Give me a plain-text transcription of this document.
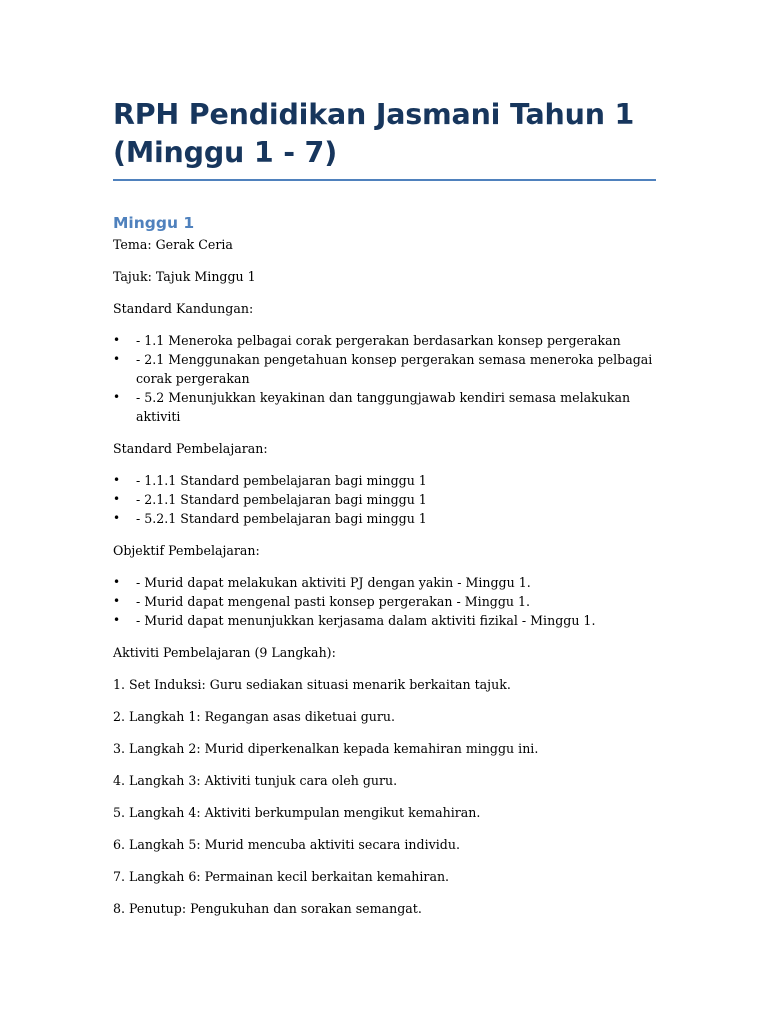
RPH Pendidikan Jasmani Tahun 1
(Minggu 1 - 7)
Minggu 1

Tema: Gerak Ceria

Tajuk: Tajuk Minggu 1

Standard Kandungan:

• - 1.1 Meneroka pelbagai corak pergerakan berdasarkan konsep pergerakan
• - 2.1 Menggunakan pengetahuan konsep pergerakan semasa meneroka pelbagai corak pergerakan
• - 5.2 Menunjukkan keyakinan dan tanggungjawab kendiri semasa melakukan aktiviti

Standard Pembelajaran:

• - 1.1.1 Standard pembelajaran bagi minggu 1
• - 2.1.1 Standard pembelajaran bagi minggu 1
• - 5.2.1 Standard pembelajaran bagi minggu 1

Objektif Pembelajaran:

• - Murid dapat melakukan aktiviti PJ dengan yakin - Minggu 1.
• - Murid dapat mengenal pasti konsep pergerakan - Minggu 1.
• - Murid dapat menunjukkan kerjasama dalam aktiviti fizikal - Minggu 1.

Aktiviti Pembelajaran (9 Langkah):

1. Set Induksi: Guru sediakan situasi menarik berkaitan tajuk.

2. Langkah 1: Regangan asas diketuai guru.

3. Langkah 2: Murid diperkenalkan kepada kemahiran minggu ini.

4. Langkah 3: Aktiviti tunjuk cara oleh guru.

5. Langkah 4: Aktiviti berkumpulan mengikut kemahiran.

6. Langkah 5: Murid mencuba aktiviti secara individu.

7. Langkah 6: Permainan kecil berkaitan kemahiran.

8. Penutup: Pengukuhan dan sorakan semangat.
